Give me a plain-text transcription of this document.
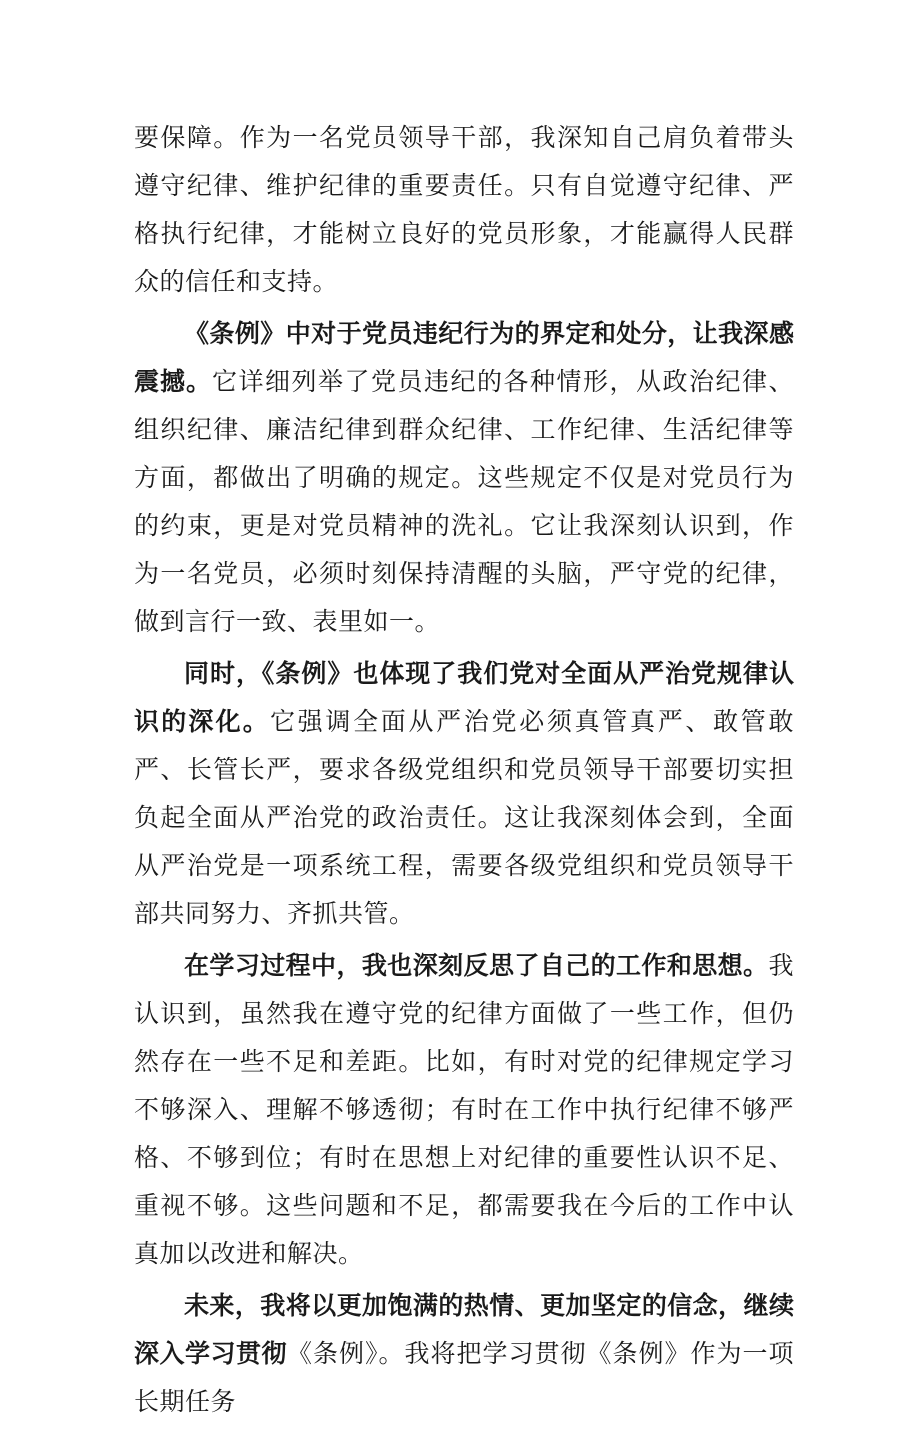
要保障。作为一名党员领导干部，我深知自己肩负着带头遵守纪律、维护纪律的重要责任。只有自觉遵守纪律、严格执行纪律，才能树立良好的党员形象，才能赢得人民群众的信任和支持。

《条例》中对于党员违纪行为的界定和处分，让我深感震撼。它详细列举了党员违纪的各种情形，从政治纪律、组织纪律、廉洁纪律到群众纪律、工作纪律、生活纪律等方面，都做出了明确的规定。这些规定不仅是对党员行为的约束，更是对党员精神的洗礼。它让我深刻认识到，作为一名党员，必须时刻保持清醒的头脑，严守党的纪律，做到言行一致、表里如一。

同时，《条例》也体现了我们党对全面从严治党规律认识的深化。它强调全面从严治党必须真管真严、敢管敢严、长管长严，要求各级党组织和党员领导干部要切实担负起全面从严治党的政治责任。这让我深刻体会到，全面从严治党是一项系统工程，需要各级党组织和党员领导干部共同努力、齐抓共管。

在学习过程中，我也深刻反思了自己的工作和思想。我认识到，虽然我在遵守党的纪律方面做了一些工作，但仍然存在一些不足和差距。比如，有时对党的纪律规定学习不够深入、理解不够透彻；有时在工作中执行纪律不够严格、不够到位；有时在思想上对纪律的重要性认识不足、重视不够。这些问题和不足，都需要我在今后的工作中认真加以改进和解决。

未来，我将以更加饱满的热情、更加坚定的信念，继续深入学习贯彻《条例》。我将把学习贯彻《条例》作为一项长期任务
